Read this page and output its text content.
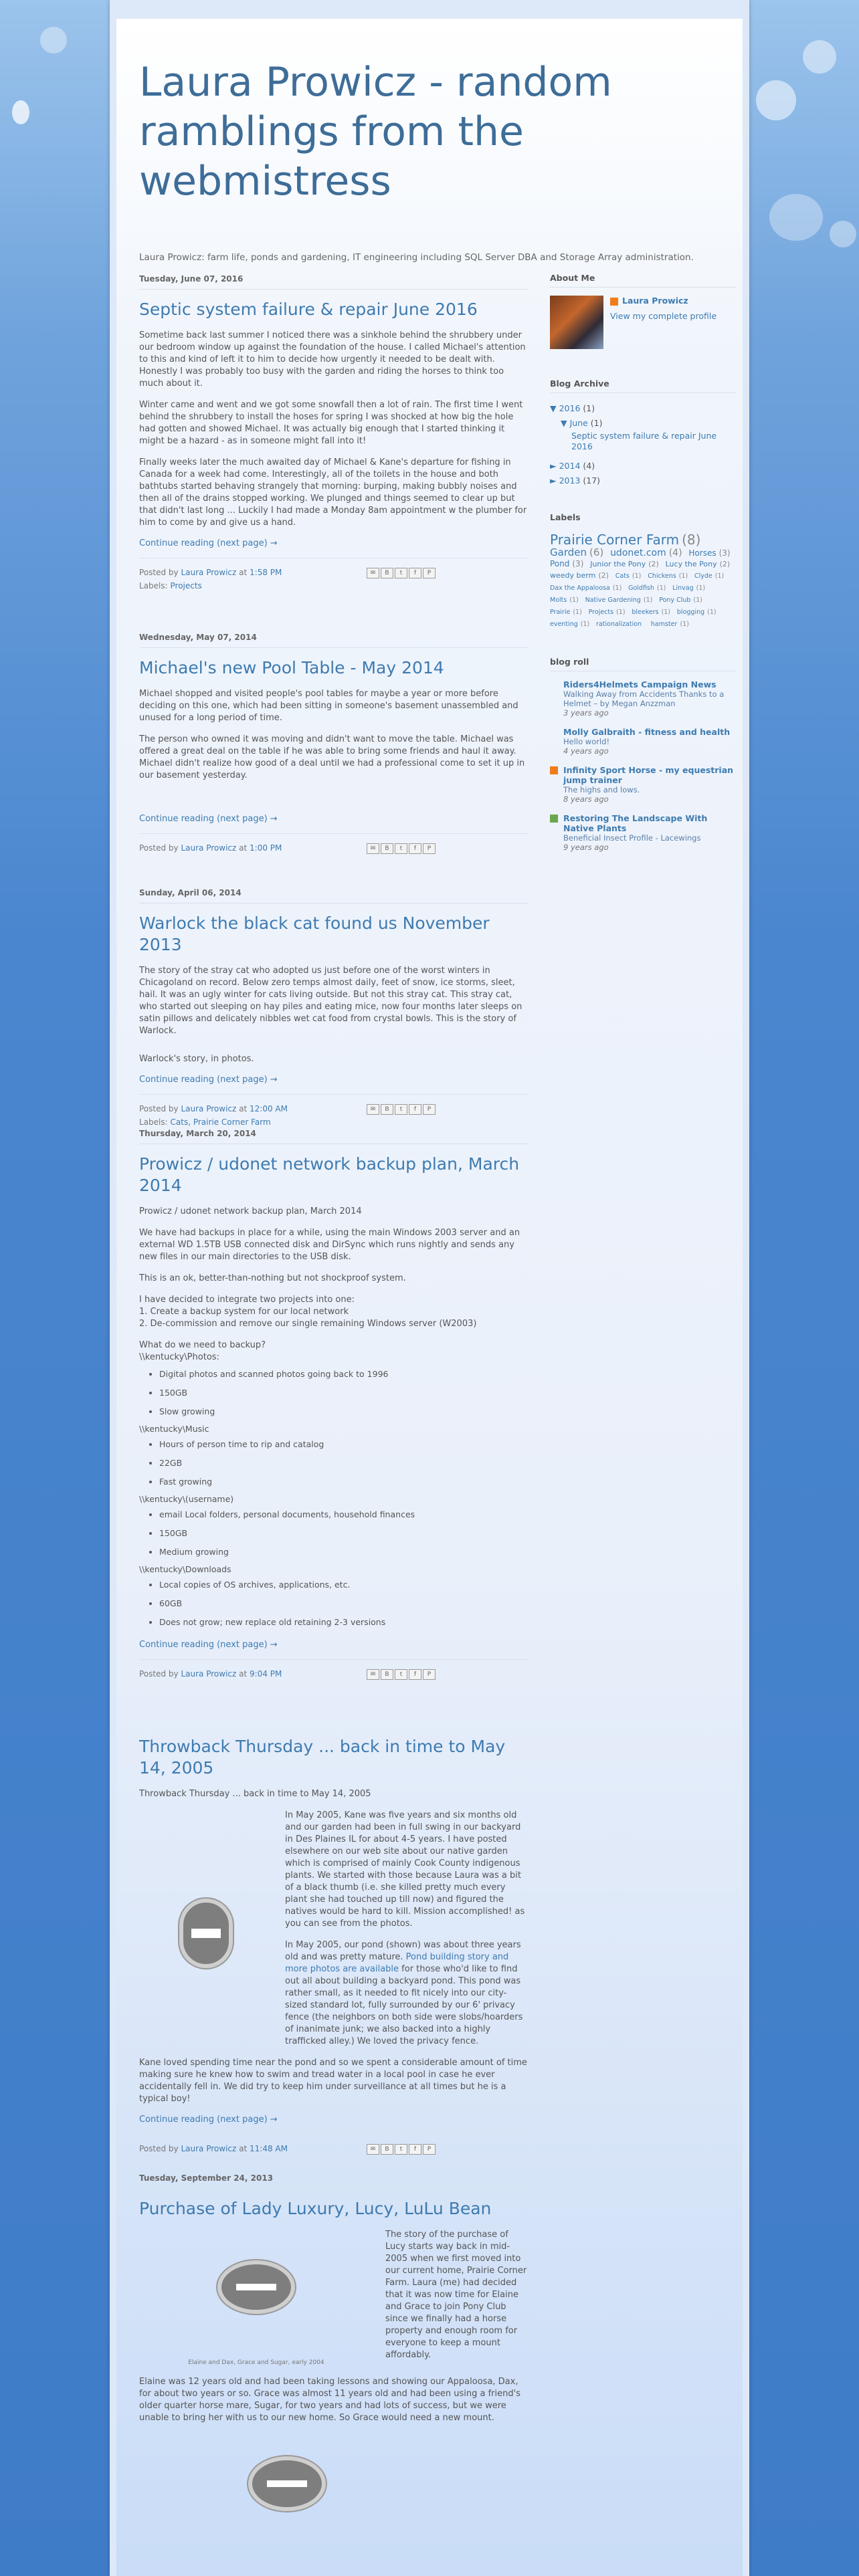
Laura Prowicz - random ramblings from the webmistress
Laura Prowicz: farm life, ponds and gardening, IT engineering including SQL Server DBA and Storage Array administration.
Tuesday, June 07, 2016
Septic system failure & repair June 2016

Sometime back last summer I noticed there was a sinkhole behind the shrubbery under our bedroom window up against the foundation of the house. I called Michael's attention to this and kind of left it to him to decide how urgently it needed to be dealt with. Honestly I was probably too busy with the garden and riding the horses to think too much about it.

Winter came and went and we got some snowfall then a lot of rain. The first time I went behind the shrubbery to install the hoses for spring I was shocked at how big the hole had gotten and showed Michael. It was actually big enough that I started thinking it might be a hazard - as in someone might fall into it!

Finally weeks later the much awaited day of Michael & Kane's departure for fishing in Canada for a week had come. Interestingly, all of the toilets in the house and both bathtubs started behaving strangely that morning: burping, making bubbly noises and then all of the drains stopped working. We plunged and things seemed to clear up but that didn't last long ... Luckily I had made a Monday 8am appointment w the plumber for him to come by and give us a hand.

Continue reading (next page) →
Posted by Laura Prowicz at 1:58 PM	✉	B	t	f	P
Labels: Projects
Wednesday, May 07, 2014
Michael's new Pool Table - May 2014

Michael shopped and visited people's pool tables for maybe a year or more before deciding on this one, which had been sitting in someone's basement unassembled and unused for a long period of time.

The person who owned it was moving and didn't want to move the table. Michael was offered a great deal on the table if he was able to bring some friends and haul it away. Michael didn't realize how good of a deal until we had a professional come to set it up in our basement yesterday.

Continue reading (next page) →
Posted by Laura Prowicz at 1:00 PM	✉	B	t	f	P
Sunday, April 06, 2014
Warlock the black cat found us November 2013

The story of the stray cat who adopted us just before one of the worst winters in Chicagoland on record. Below zero temps almost daily, feet of snow, ice storms, sleet, hail. It was an ugly winter for cats living outside. But not this stray cat. This stray cat, who started out sleeping on hay piles and eating mice, now four months later sleeps on satin pillows and delicately nibbles wet cat food from crystal bowls. This is the story of Warlock.

Warlock's story, in photos.

Continue reading (next page) →
Posted by Laura Prowicz at 12:00 AM	✉	B	t	f	P
Labels: Cats, Prairie Corner Farm
Thursday, March 20, 2014
Prowicz / udonet network backup plan, March 2014

Prowicz / udonet network backup plan, March 2014

We have had backups in place for a while, using the main Windows 2003 server and an external WD 1.5TB USB connected disk and DirSync which runs nightly and sends any new files in our main directories to the USB disk.

This is an ok, better-than-nothing but not shockproof system.

I have decided to integrate two projects into one:
1. Create a backup system for our local network
2. De-commission and remove our single remaining Windows server (W2003)

What do we need to backup?
\\kentucky\Photos:

• Digital photos and scanned photos going back to 1996
• 150GB
• Slow growing
\\kentucky\Music
• Hours of person time to rip and catalog
• 22GB
• Fast growing
\\kentucky\(username)
• email Local folders, personal documents, household finances
• 150GB
• Medium growing
\\kentucky\Downloads
• Local copies of OS archives, applications, etc.
• 60GB
• Does not grow; new replace old retaining 2-3 versions
Continue reading (next page) →
Posted by Laura Prowicz at 9:04 PM	✉	B	t	f	P
Throwback Thursday ... back in time to May 14, 2005

Throwback Thursday ... back in time to May 14, 2005

In May 2005, Kane was five years and six months old and our garden had been in full swing in our backyard in Des Plaines IL for about 4-5 years. I have posted elsewhere on our web site about our native garden which is comprised of mainly Cook County indigenous plants. We started with those because Laura was a bit of a black thumb (i.e. she killed pretty much every plant she had touched up till now) and figured the natives would be hard to kill. Mission accomplished! as you can see from the photos.

In May 2005, our pond (shown) was about three years old and was pretty mature. Pond building story and more photos are available for those who'd like to find out all about building a backyard pond. This pond was rather small, as it needed to fit nicely into our city-sized standard lot, fully surrounded by our 6' privacy fence (the neighbors on both side were slobs/hoarders of inanimate junk; we also backed into a highly trafficked alley.) We loved the privacy fence.

Kane loved spending time near the pond and so we spent a considerable amount of time making sure he knew how to swim and tread water in a local pool in case he ever accidentally fell in. We did try to keep him under surveillance at all times but he is a typical boy!

Continue reading (next page) →
Posted by Laura Prowicz at 11:48 AM	✉	B	t	f	P
Tuesday, September 24, 2013
Purchase of Lady Luxury, Lucy, LuLu Bean
Elaine and Dax, Grace and Sugar, early 2004

The story of the purchase of Lucy starts way back in mid-2005 when we first moved into our current home, Prairie Corner Farm. Laura (me) had decided that it was now time for Elaine and Grace to join Pony Club since we finally had a horse property and enough room for everyone to keep a mount affordably.

Elaine was 12 years old and had been taking lessons and showing our Appaloosa, Dax, for about two years or so. Grace was almost 11 years old and had been using a friend's older quarter horse mare, Sugar, for two years and had lots of success, but we were unable to bring her with us to our new home. So Grace would need a new mount.

About Me
Laura Prowicz
View my complete profile
Blog Archive
▼ 2016 (1)
▼ June (1)
Septic system failure & repair June 2016
► 2014 (4)
► 2013 (17)
Labels
Prairie Corner Farm (8) Garden (6) udonet.com (4) Horses (3) Pond (3) Junior the Pony (2) Lucy the Pony (2) weedy berm (2) Cats (1) Chickens (1) Clyde (1) Dax the Appaloosa (1) Goldfish (1) Linvag (1) Molts (1) Native Gardening (1) Pony Club (1) Prairie (1) Projects (1) bleekers (1) blogging (1) eventing (1) rationalization hamster (1)
blog roll
Riders4Helmets Campaign News
Walking Away from Accidents Thanks to a Helmet – by Megan Anzzman
3 years ago
Molly Galbraith - fitness and health
Hello world!
4 years ago
Infinity Sport Horse - my equestrian jump trainer
The highs and lows.
8 years ago
Restoring The Landscape With Native Plants
Beneficial Insect Profile - Lacewings
9 years ago
